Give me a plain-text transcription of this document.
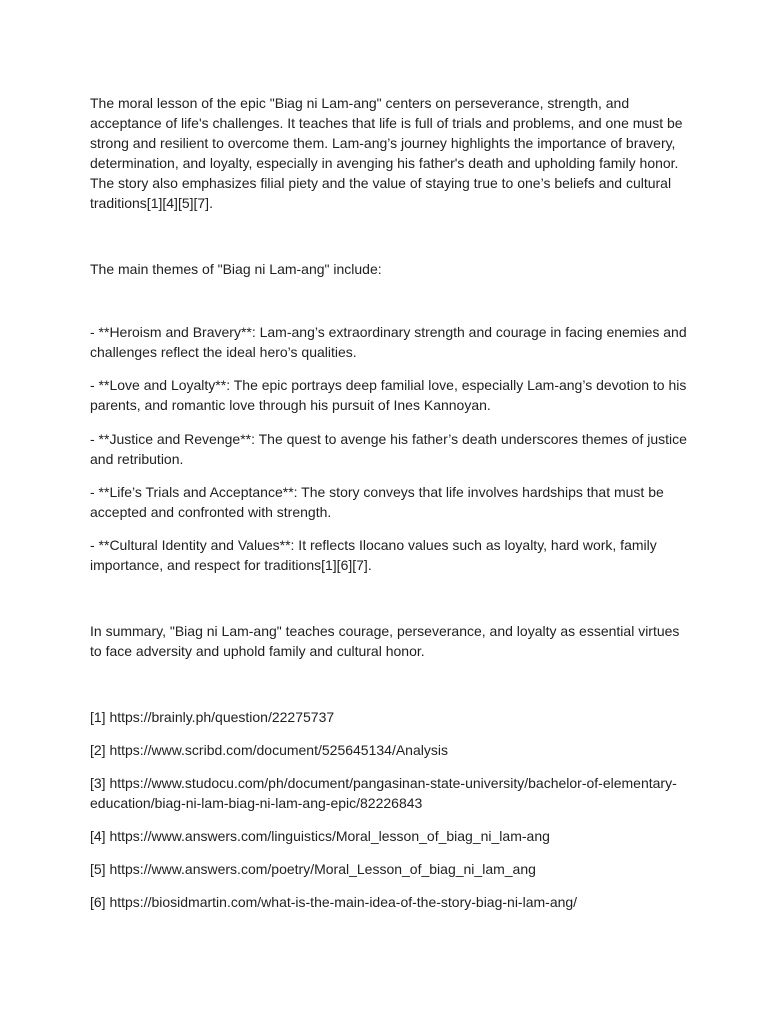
The moral lesson of the epic "Biag ni Lam-ang" centers on perseverance, strength, and acceptance of life's challenges. It teaches that life is full of trials and problems, and one must be strong and resilient to overcome them. Lam-ang’s journey highlights the importance of bravery, determination, and loyalty, especially in avenging his father's death and upholding family honor. The story also emphasizes filial piety and the value of staying true to one’s beliefs and cultural traditions[1][4][5][7].

The main themes of "Biag ni Lam-ang" include:

- **Heroism and Bravery**: Lam-ang’s extraordinary strength and courage in facing enemies and challenges reflect the ideal hero’s qualities.

- **Love and Loyalty**: The epic portrays deep familial love, especially Lam-ang’s devotion to his parents, and romantic love through his pursuit of Ines Kannoyan.

- **Justice and Revenge**: The quest to avenge his father’s death underscores themes of justice and retribution.

- **Life’s Trials and Acceptance**: The story conveys that life involves hardships that must be accepted and confronted with strength.

- **Cultural Identity and Values**: It reflects Ilocano values such as loyalty, hard work, family importance, and respect for traditions[1][6][7].

In summary, "Biag ni Lam-ang" teaches courage, perseverance, and loyalty as essential virtues to face adversity and uphold family and cultural honor.

[1] https://brainly.ph/question/22275737

[2] https://www.scribd.com/document/525645134/Analysis

[3] https://www.studocu.com/ph/document/pangasinan-state-university/bachelor-of-elementary-education/biag-ni-lam-biag-ni-lam-ang-epic/82226843

[4] https://www.answers.com/linguistics/Moral_lesson_of_biag_ni_lam-ang

[5] https://www.answers.com/poetry/Moral_Lesson_of_biag_ni_lam_ang

[6] https://biosidmartin.com/what-is-the-main-idea-of-the-story-biag-ni-lam-ang/
